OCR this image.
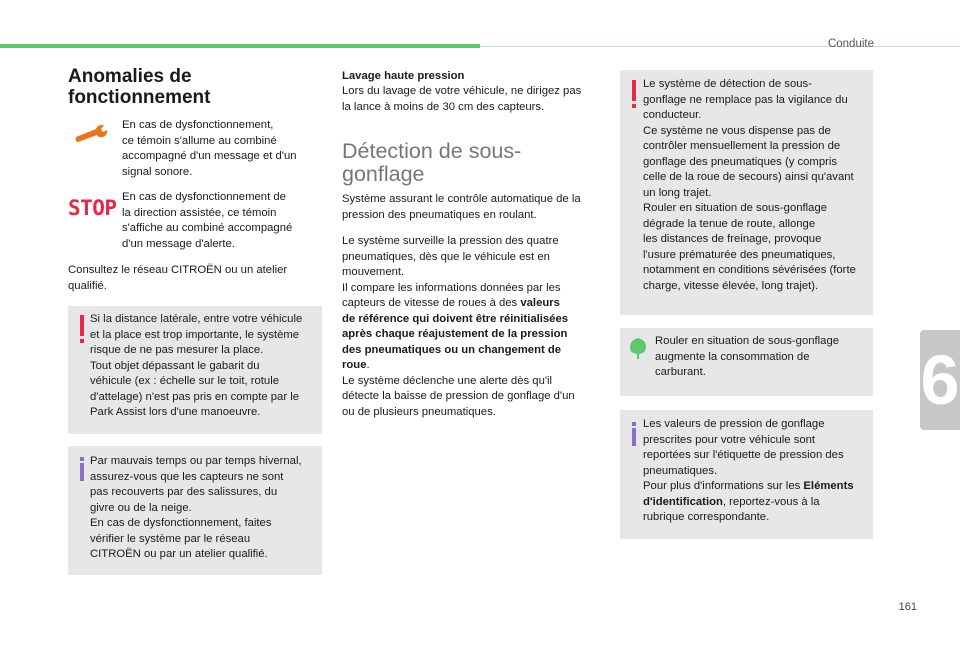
Conduite
6
Anomalies de
fonctionnement

En cas de dysfonctionnement,
ce témoin s'allume au combiné
accompagné d'un message et d'un
signal sonore.

STOP En cas de dysfonctionnement de
la direction assistée, ce témoin
s'affiche au combiné accompagné
d'un message d'alerte.

Consultez le réseau CITROËN ou un atelier
qualifié.

Si la distance latérale, entre votre véhicule
et la place est trop importante, le système
risque de ne pas mesurer la place.
Tout objet dépassant le gabarit du
véhicule (ex : échelle sur le toit, rotule
d'attelage) n'est pas pris en compte par le
Park Assist lors d'une manoeuvre.

Par mauvais temps ou par temps hivernal,
assurez-vous que les capteurs ne sont
pas recouverts par des salissures, du
givre ou de la neige.
En cas de dysfonctionnement, faites
vérifier le système par le réseau
CITROËN ou par un atelier qualifié.

Lavage haute pression

Lors du lavage de votre véhicule, ne dirigez pas
la lance à moins de 30 cm des capteurs.

Détection de sous-
gonflage

Système assurant le contrôle automatique de la
pression des pneumatiques en roulant.

Le système surveille la pression des quatre
pneumatiques, dès que le véhicule est en
mouvement.
Il compare les informations données par les
capteurs de vitesse de roues à des valeurs
de référence qui doivent être réinitialisées
après chaque réajustement de la pression
des pneumatiques ou un changement de
roue.
Le système déclenche une alerte dès qu'il
détecte la baisse de pression de gonflage d'un
ou de plusieurs pneumatiques.

Le système de détection de sous-
gonflage ne remplace pas la vigilance du
conducteur.
Ce système ne vous dispense pas de
contrôler mensuellement la pression de
gonflage des pneumatiques (y compris
celle de la roue de secours) ainsi qu'avant
un long trajet.
Rouler en situation de sous-gonflage
dégrade la tenue de route, allonge
les distances de freinage, provoque
l'usure prématurée des pneumatiques,
notamment en conditions sévérisées (forte
charge, vitesse élevée, long trajet).

Rouler en situation de sous-gonflage
augmente la consommation de
carburant.

Les valeurs de pression de gonflage
prescrites pour votre véhicule sont
reportées sur l'étiquette de pression des
pneumatiques.
Pour plus d'informations sur les Eléments
d'identification, reportez-vous à la
rubrique correspondante.

161
